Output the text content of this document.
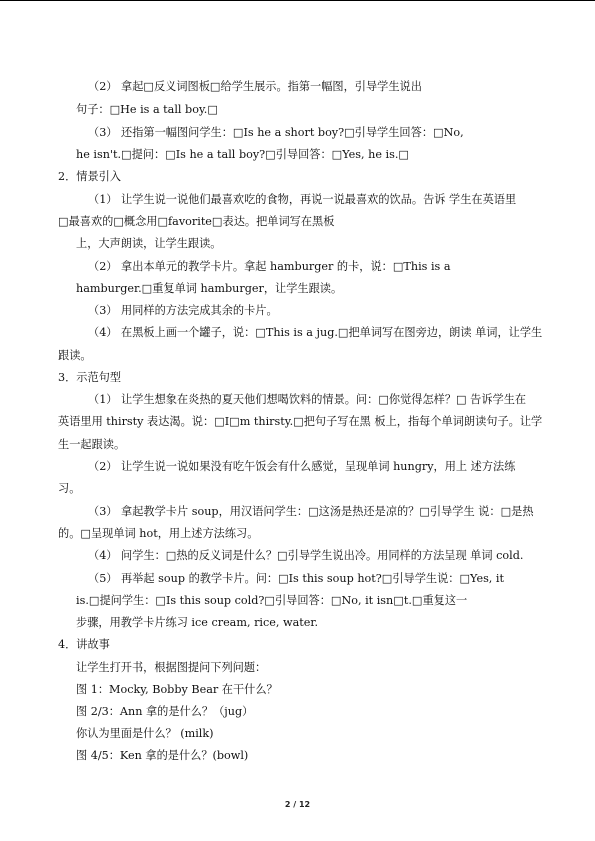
（2） 拿起□反义词图板□给学生展示。指第一幅图，引导学生说出
句子：□He is a tall boy.□
（3） 还指第一幅图问学生：□Is he a short boy?□引导学生回答：□No,
he isn't.□提问：□Is he a tall boy?□引导回答：□Yes, he is.□
2．情景引入
（1） 让学生说一说他们最喜欢吃的食物，再说一说最喜欢的饮品。告诉 学生在英语里
□最喜欢的□概念用□favorite□表达。把单词写在黑板
上，大声朗读，让学生跟读。
（2） 拿出本单元的教学卡片。拿起 hamburger 的卡，说：□This is a
hamburger.□重复单词 hamburger，让学生跟读。
（3） 用同样的方法完成其余的卡片。
（4） 在黑板上画一个罐子，说：□This is a jug.□把单词写在图旁边，朗读 单词，让学生
跟读。
3．示范句型
（1） 让学生想象在炎热的夏天他们想喝饮料的情景。问：□你觉得怎样？□ 告诉学生在
英语里用 thirsty 表达渴。说：□I□m thirsty.□把句子写在黑 板上，指每个单词朗读句子。让学
生一起跟读。
（2） 让学生说一说如果没有吃午饭会有什么感觉，呈现单词 hungry，用上 述方法练
习。
（3） 拿起教学卡片 soup，用汉语问学生：□这汤是热还是凉的？□引导学生 说：□是热
的。□呈现单词 hot，用上述方法练习。
（4） 问学生：□热的反义词是什么？□引导学生说出冷。用同样的方法呈现 单词 cold.
（5） 再举起 soup 的教学卡片。问：□Is this soup hot?□引导学生说：□Yes, it
is.□提问学生：□Is this soup cold?□引导回答：□No, it isn□t.□重复这一
步骤，用教学卡片练习 ice cream, rice, water.
4．讲故事
让学生打开书，根据图提问下列问题：
图 1：Mocky, Bobby Bear 在干什么？
图 2/3：Ann 拿的是什么？（jug）
你认为里面是什么？ (milk)
图 4/5：Ken 拿的是什么？(bowl)
2 / 12
